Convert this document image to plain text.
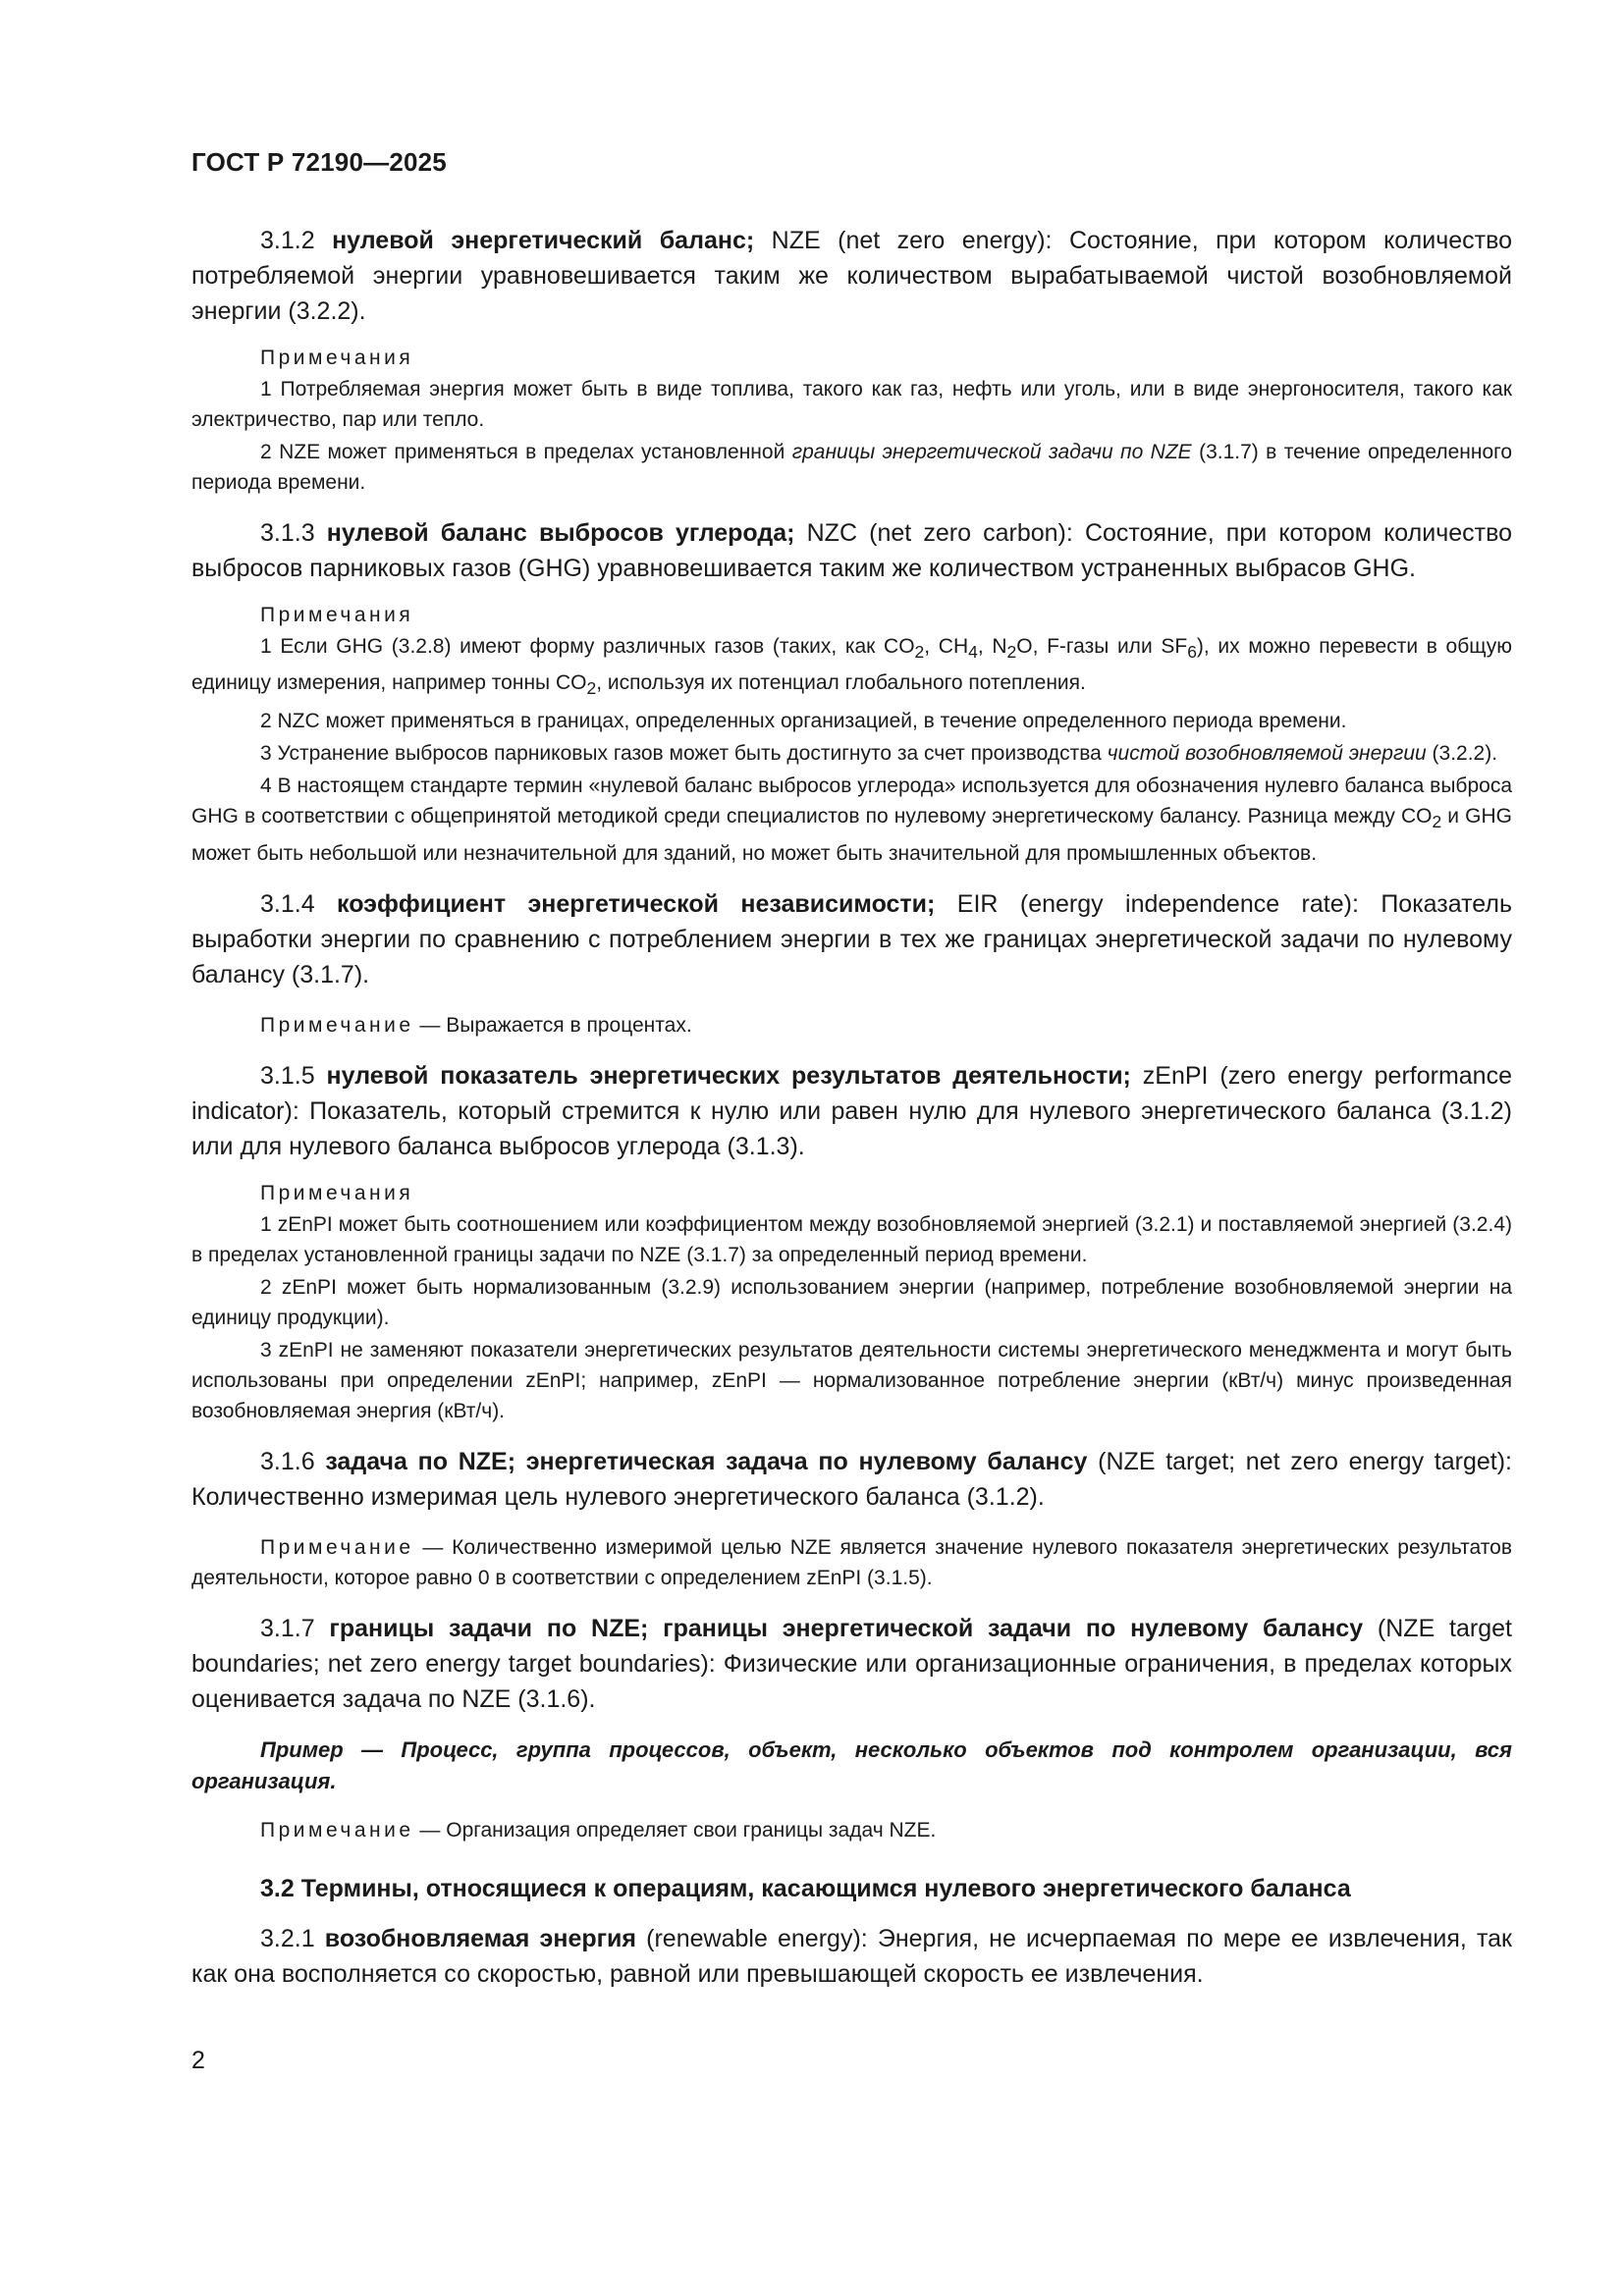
ГОСТ Р 72190—2025

3.1.2 нулевой энергетический баланс; NZE (net zero energy): Состояние, при котором количество потребляемой энергии уравновешивается таким же количеством вырабатываемой чистой возобновляемой энергии (3.2.2).

Примечания

1 Потребляемая энергия может быть в виде топлива, такого как газ, нефть или уголь, или в виде энергоносителя, такого как электричество, пар или тепло.

2 NZE может применяться в пределах установленной границы энергетической задачи по NZE (3.1.7) в течение определенного периода времени.

3.1.3 нулевой баланс выбросов углерода; NZC (net zero carbon): Состояние, при котором количество выбросов парниковых газов (GHG) уравновешивается таким же количеством устраненных выбрасов GHG.

Примечания

1 Если GHG (3.2.8) имеют форму различных газов (таких, как $CO_2$, $CH_4$, $N_2O$, F-газы или $SF_6$), их можно перевести в общую единицу измерения, например тонны $CO_2$, используя их потенциал глобального потепления.

2 NZC может применяться в границах, определенных организацией, в течение определенного периода времени.

3 Устранение выбросов парниковых газов может быть достигнуто за счет производства чистой возобновляемой энергии (3.2.2).

4 В настоящем стандарте термин «нулевой баланс выбросов углерода» используется для обозначения нулевго баланса выброса GHG в соответствии с общепринятой методикой среди специалистов по нулевому энергетическому балансу. Разница между $CO_2$ и GHG может быть небольшой или незначительной для зданий, но может быть значительной для промышленных объектов.

3.1.4 коэффициент энергетической независимости; EIR (energy independence rate): Показатель выработки энергии по сравнению с потреблением энергии в тех же границах энергетической задачи по нулевому балансу (3.1.7).

Примечание — Выражается в процентах.

3.1.5 нулевой показатель энергетических результатов деятельности; zEnPI (zero energy performance indicator): Показатель, который стремится к нулю или равен нулю для нулевого энергетического баланса (3.1.2) или для нулевого баланса выбросов углерода (3.1.3).

Примечания

1 zEnPI может быть соотношением или коэффициентом между возобновляемой энергией (3.2.1) и поставляемой энергией (3.2.4) в пределах установленной границы задачи по NZE (3.1.7) за определенный период времени.

2 zEnPI может быть нормализованным (3.2.9) использованием энергии (например, потребление возобновляемой энергии на единицу продукции).

3 zEnPI не заменяют показатели энергетических результатов деятельности системы энергетического менеджмента и могут быть использованы при определении zEnPI; например, zEnPI — нормализованное потребление энергии (кВт/ч) минус произведенная возобновляемая энергия (кВт/ч).

3.1.6 задача по NZE; энергетическая задача по нулевому балансу (NZE target; net zero energy target): Количественно измеримая цель нулевого энергетического баланса (3.1.2).

Примечание — Количественно измеримой целью NZE является значение нулевого показателя энергетических результатов деятельности, которое равно 0 в соответствии с определением zEnPI (3.1.5).

3.1.7 границы задачи по NZE; границы энергетической задачи по нулевому балансу (NZE target boundaries; net zero energy target boundaries): Физические или организационные ограничения, в пределах которых оценивается задача по NZE (3.1.6).

Пример — Процесс, группа процессов, объект, несколько объектов под контролем организации, вся организация.

Примечание — Организация определяет свои границы задач NZE.

3.2 Термины, относящиеся к операциям, касающимся нулевого энергетического баланса

3.2.1 возобновляемая энергия (renewable energy): Энергия, не исчерпаемая по мере ее извлечения, так как она восполняется со скоростью, равной или превышающей скорость ее извлечения.

2
